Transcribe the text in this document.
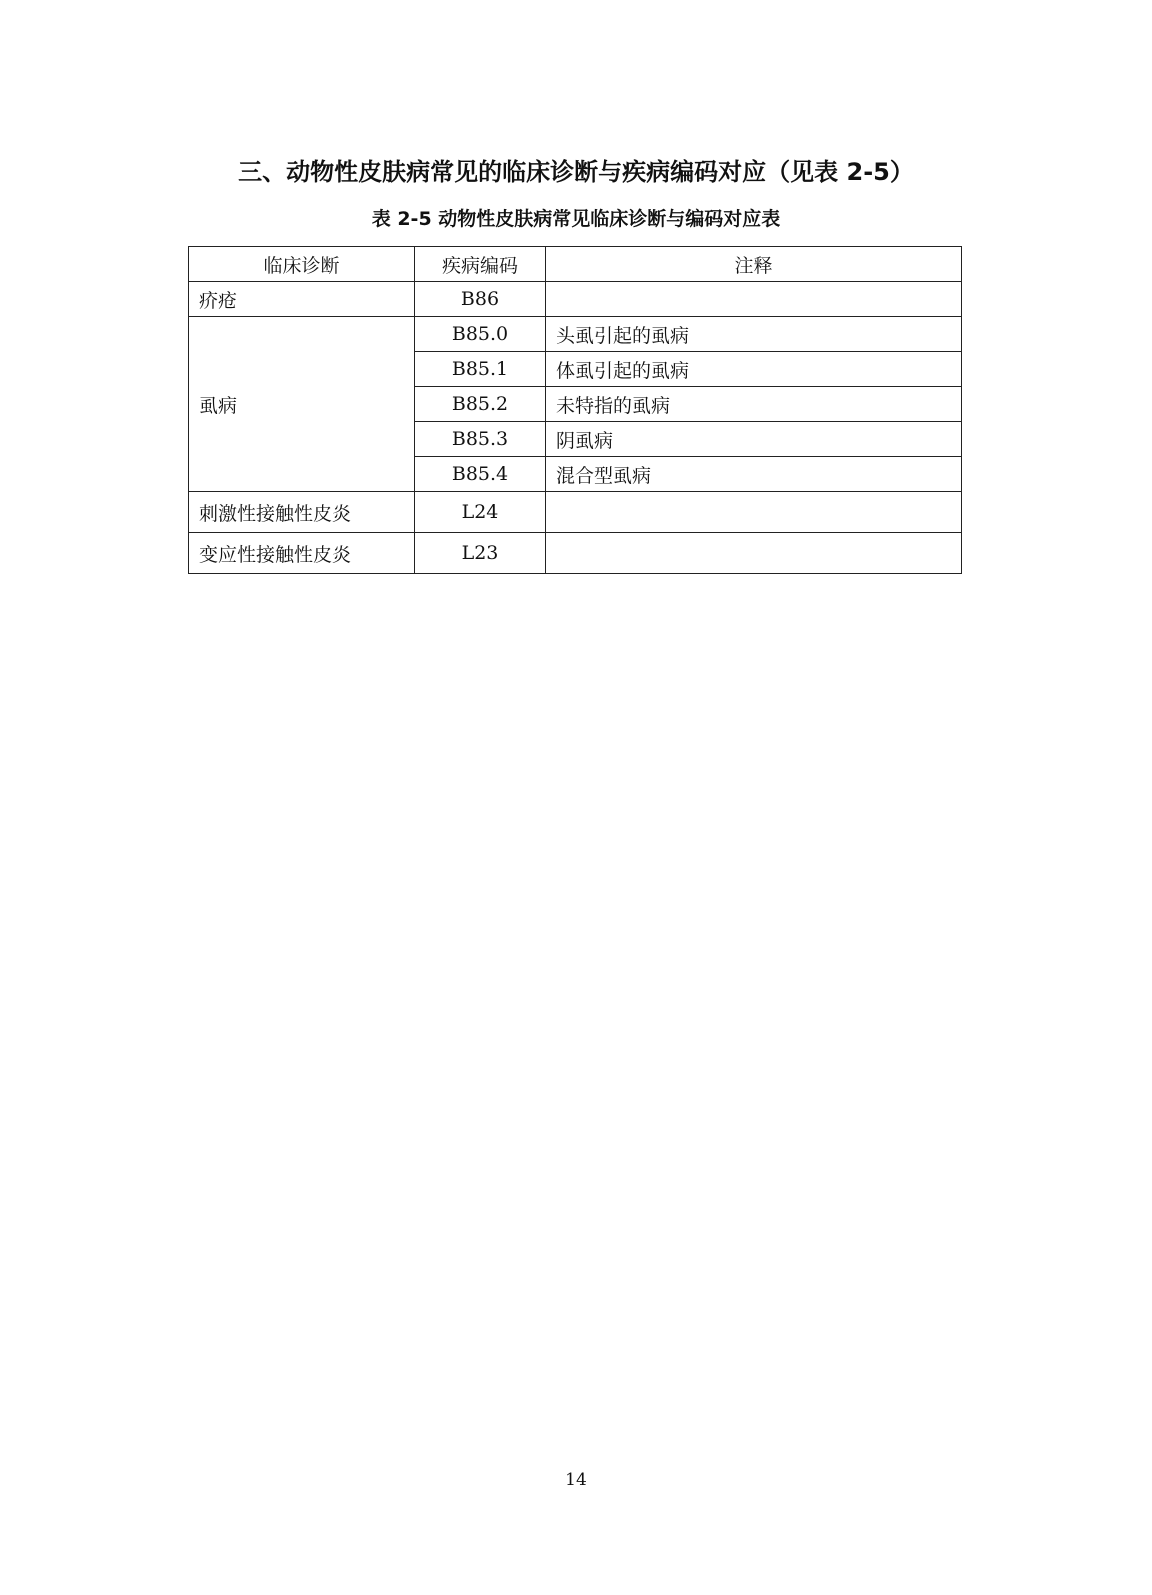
三、动物性皮肤病常见的临床诊断与疾病编码对应（见表 2-5）
表 2-5 动物性皮肤病常见临床诊断与编码对应表
临床诊断	疾病编码	注释
疥疮	B86	
虱病	B85.0	头虱引起的虱病
	B85.1	体虱引起的虱病
	B85.2	未特指的虱病
	B85.3	阴虱病
	B85.4	混合型虱病
刺激性接触性皮炎	L24	
变应性接触性皮炎	L23	
14
